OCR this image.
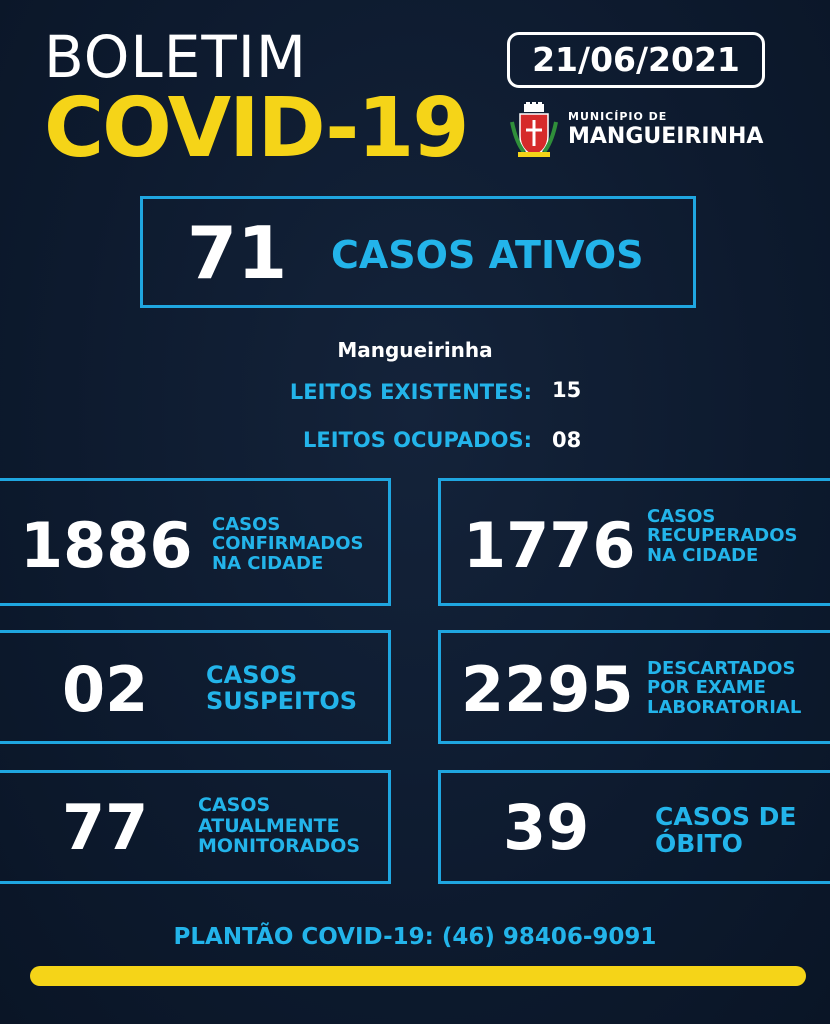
BOLETIM
COVID-19
21/06/2021
MUNICÍPIO DE
MANGUEIRINHA
71 CASOS ATIVOS
Mangueirinha
LEITOS EXISTENTES: 15
LEITOS OCUPADOS: 08
1886 CASOS
CONFIRMADOS
NA CIDADE	1776 CASOS
RECUPERADOS
NA CIDADE
02 CASOS
SUSPEITOS 2295 DESCARTADOS
POR EXAME
LABORATORIAL
77	CASOS
ATUALMENTE
MONITORADOS 39	CASOS DE
ÓBITO
PLANTÃO COVID-19: (46) 98406-9091
